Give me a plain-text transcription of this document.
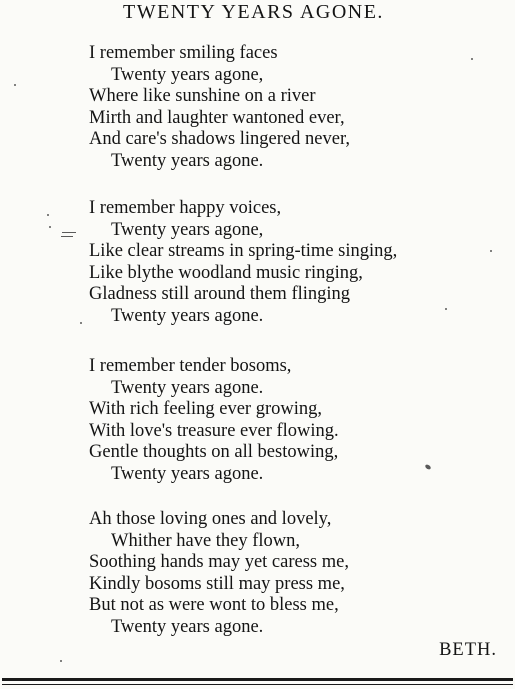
TWENTY YEARS AGONE.
I remember smiling faces
Twenty years agone,
Where like sunshine on a river
Mirth and laughter wantoned ever,
And care's shadows lingered never,
Twenty years agone.
I remember happy voices,
Twenty years agone,
Like clear streams in spring-time singing,
Like blythe woodland music ringing,
Gladness still around them flinging
Twenty years agone.
I remember tender bosoms,
Twenty years agone.
With rich feeling ever growing,
With love's treasure ever flowing.
Gentle thoughts on all bestowing,
Twenty years agone.
Ah those loving ones and lovely,
Whither have they flown,
Soothing hands may yet caress me,
Kindly bosoms still may press me,
But not as were wont to bless me,
Twenty years agone.
BETH.
